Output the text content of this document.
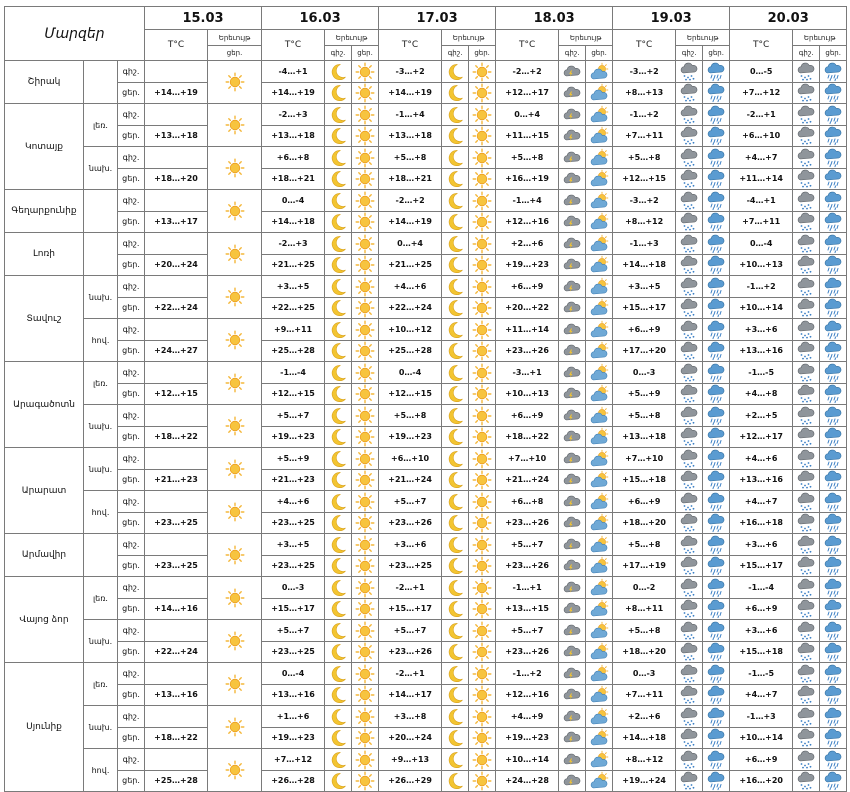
Մարզեր			15.03		16.03			17.03			18.03			19.03			20.03		
			T°C	Երեւույթ	T°C	Երեւույթ		T°C	Երեւույթ		T°C	Երեւույթ		T°C	Երեւույթ		T°C	Երեւույթ	
				ցեր.		գիշ.	ցեր.		գիշ.	ցեր.		գիշ.	ցեր.		գիշ.	ցեր.		գիշ.	ցեր.
Շիրակ		գիշ.			-4…+1			-3…+2			-2…+2			-3…+2			0…-5	

		ցեր.	+14…+19		+14…+19			+14…+19			+12…+17			+8…+13			+7…+12	

Կոտայք	լեռ.	գիշ.			-2…+3			-1…+4			0…+4			-1…+2			-2…+1	

		ցեր.	+13…+18		+13…+18			+13…+18			+11…+15			+7…+11			+6…+10	

	նախ.	գիշ.			+6…+8			+5…+8			+5…+8			+5…+8			+4…+7	

		ցեր.	+18…+20		+18…+21			+18…+21			+16…+19			+12…+15			+11…+14	

Գեղարքունիք		գիշ.			0…-4			-2…+2			-1…+4			-3…+2			-4…+1	

		ցեր.	+13…+17		+14…+18			+14…+19			+12…+16			+8…+12			+7…+11	

Լոռի		գիշ.			-2…+3			0…+4			+2…+6			-1…+3			0…-4	

		ցեր.	+20…+24		+21…+25			+21…+25			+19…+23			+14…+18			+10…+13	

Տավուշ	նախ.	գիշ.			+3…+5			+4…+6			+6…+9			+3…+5			-1…+2	

		ցեր.	+22…+24		+22…+25			+22…+24			+20…+22			+15…+17			+10…+14	

	հով.	գիշ.			+9…+11			+10…+12			+11…+14			+6…+9			+3…+6	

		ցեր.	+24…+27		+25…+28			+25…+28			+23…+26			+17…+20			+13…+16	

Արագածոտն	լեռ.	գիշ.			-1…-4			0…-4			-3…+1			0…-3			-1…-5	

		ցեր.	+12…+15		+12…+15			+12…+15			+10…+13			+5…+9			+4…+8	

	նախ.	գիշ.			+5…+7			+5…+8			+6…+9			+5…+8			+2…+5	

		ցեր.	+18…+22		+19…+23			+19…+23			+18…+22			+13…+18			+12…+17	

Արարատ	նախ.	գիշ.			+5…+9			+6…+10			+7…+10			+7…+10			+4…+6	

		ցեր.	+21…+23		+21…+23			+21…+24			+21…+24			+15…+18			+13…+16	

	հով.	գիշ.			+4…+6			+5…+7			+6…+8			+6…+9			+4…+7	

		ցեր.	+23…+25		+23…+25			+23…+26			+23…+26			+18…+20			+16…+18	

Արմավիր		գիշ.			+3…+5			+3…+6			+5…+7			+5…+8			+3…+6	

		ցեր.	+23…+25		+23…+25			+23…+25			+23…+26			+17…+19			+15…+17	

Վայոց ձոր	լեռ.	գիշ.			0…-3			-2…+1			-1…+1			0…-2			-1…-4	

		ցեր.	+14…+16		+15…+17			+15…+17			+13…+15			+8…+11			+6…+9	

	նախ.	գիշ.			+5…+7			+5…+7			+5…+7			+5…+8			+3…+6	

		ցեր.	+22…+24		+23…+25			+23…+26			+23…+26			+18…+20			+15…+18	

Սյունիք	լեռ.	գիշ.			0…-4			-2…+1			-1…+2			0…-3			-1…-5	

		ցեր.	+13…+16		+13…+16			+14…+17			+12…+16			+7…+11			+4…+7	

	նախ.	գիշ.			+1…+6			+3…+8			+4…+9			+2…+6			-1…+3	

		ցեր.	+18…+22		+19…+23			+20…+24			+19…+23			+14…+18			+10…+14	

	հով.	գիշ.			+7…+12			+9…+13			+10…+14			+8…+12			+6…+9	

		ցեր.	+25…+28		+26…+28			+26…+29			+24…+28			+19…+24			+16…+20	
